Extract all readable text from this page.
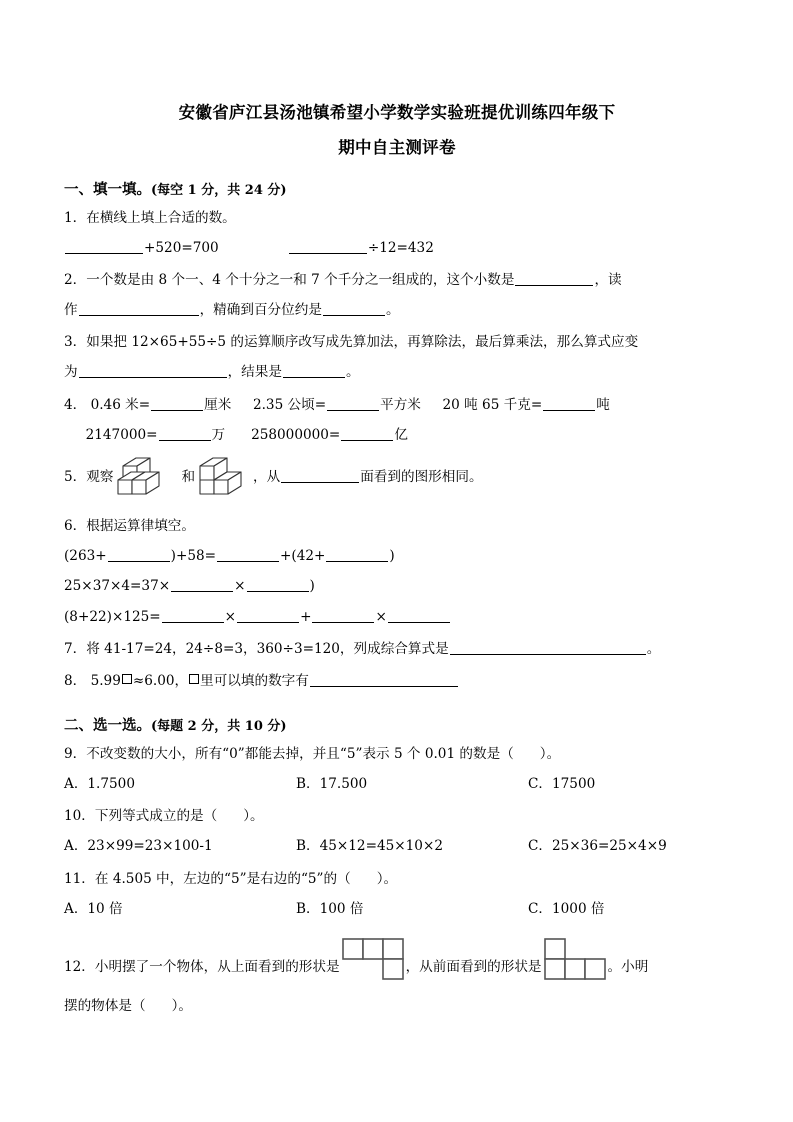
安徽省庐江县汤池镇希望小学数学实验班提优训练四年级下
期中自主测评卷
一、填一填。(每空 1 分，共 24 分)
1．在横线上填上合适的数。
+520=700	÷12=432
2．一个数是由 8 个一、4 个十分之一和 7 个千分之一组成的，这个小数是	，读
作	，精确到百分位约是	。
3．如果把 12×65+55÷5 的运算顺序改写成先算加法，再算除法，最后算乘法，那么算式应变
为	，结果是	。
4． 0.46 米=	厘米 2.35 公顷=	平方米 20 吨 65 千克=	吨
2147000=	万 258000000=	亿
5．观察	和	，从	面看到的图形相同。
6．根据运算律填空。
(263+	)+58=	+(42+	)
25×37×4=37×	×	)
(8+22)×125=	×	+	×
7．将 41-17=24，24÷8=3，360÷3=120，列成综合算式是	。
8． 5.99 ≈6.00， 里可以填的数字有
二、选一选。(每题 2 分，共 10 分)
9．不改变数的大小，所有“0”都能去掉，并且“5”表示 5 个 0.01 的数是（ ）。
A．1.7500	B．17.500	C．17500
10．下列等式成立的是（ ）。
A．23×99=23×100-1	B．45×12=45×10×2	C．25×36=25×4×9
11．在 4.505 中，左边的“5”是右边的“5”的（ ）。
A．10 倍	B．100 倍	C．1000 倍
12．小明摆了一个物体，从上面看到的形状是	，从前面看到的形状是	。小明
摆的物体是（ ）。
